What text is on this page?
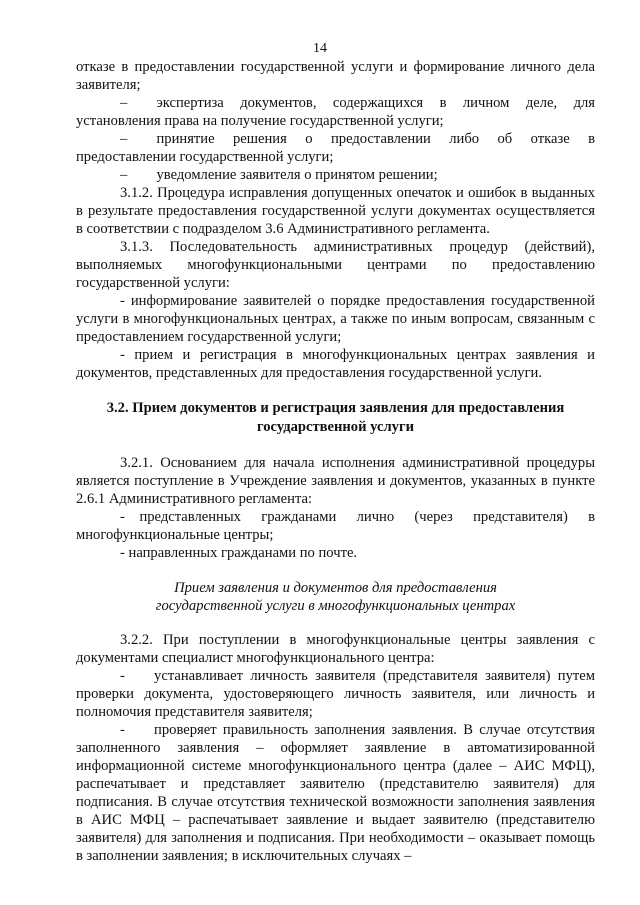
14

отказе в предоставлении государственной услуги и формирование личного дела заявителя;

–  экспертиза документов, содержащихся в личном деле, для установления права на получение государственной услуги;

–  принятие решения о предоставлении либо об отказе в предоставлении государственной услуги;

–  уведомление заявителя о принятом решении;

3.1.2. Процедура исправления допущенных опечаток и ошибок в выданных в результате предоставления государственной услуги документах осуществляется в соответствии с подразделом 3.6 Административного регламента.

3.1.3. Последовательность административных процедур (действий), выполняемых многофункциональными центрами по предоставлению государственной услуги:

- информирование заявителей о порядке предоставления государственной услуги в многофункциональных центрах, а также по иным вопросам, связанным с предоставлением государственной услуги;

- прием и регистрация в многофункциональных центрах заявления и документов, представленных для предоставления государственной услуги.

3.2. Прием документов и регистрация заявления для предоставления государственной услуги

3.2.1. Основанием для начала исполнения административной процедуры является поступление в Учреждение заявления и документов, указанных в пункте 2.6.1 Административного регламента:

- представленных гражданами лично (через представителя) в многофункциональные центры;

- направленных гражданами по почте.

Прием заявления и документов для предоставления государственной услуги в многофункциональных центрах

3.2.2. При поступлении в многофункциональные центры заявления с документами специалист многофункционального центра:

-  устанавливает личность заявителя (представителя заявителя) путем проверки документа, удостоверяющего личность заявителя, или личность и полномочия представителя заявителя;

-  проверяет правильность заполнения заявления. В случае отсутствия заполненного заявления – оформляет заявление в автоматизированной информационной системе многофункционального центра (далее – АИС МФЦ), распечатывает и представляет заявителю (представителю заявителя) для подписания. В случае отсутствия технической возможности заполнения заявления в АИС МФЦ – распечатывает заявление и выдает заявителю (представителю заявителя) для заполнения и подписания. При необходимости – оказывает помощь в заполнении заявления; в исключительных случаях –
